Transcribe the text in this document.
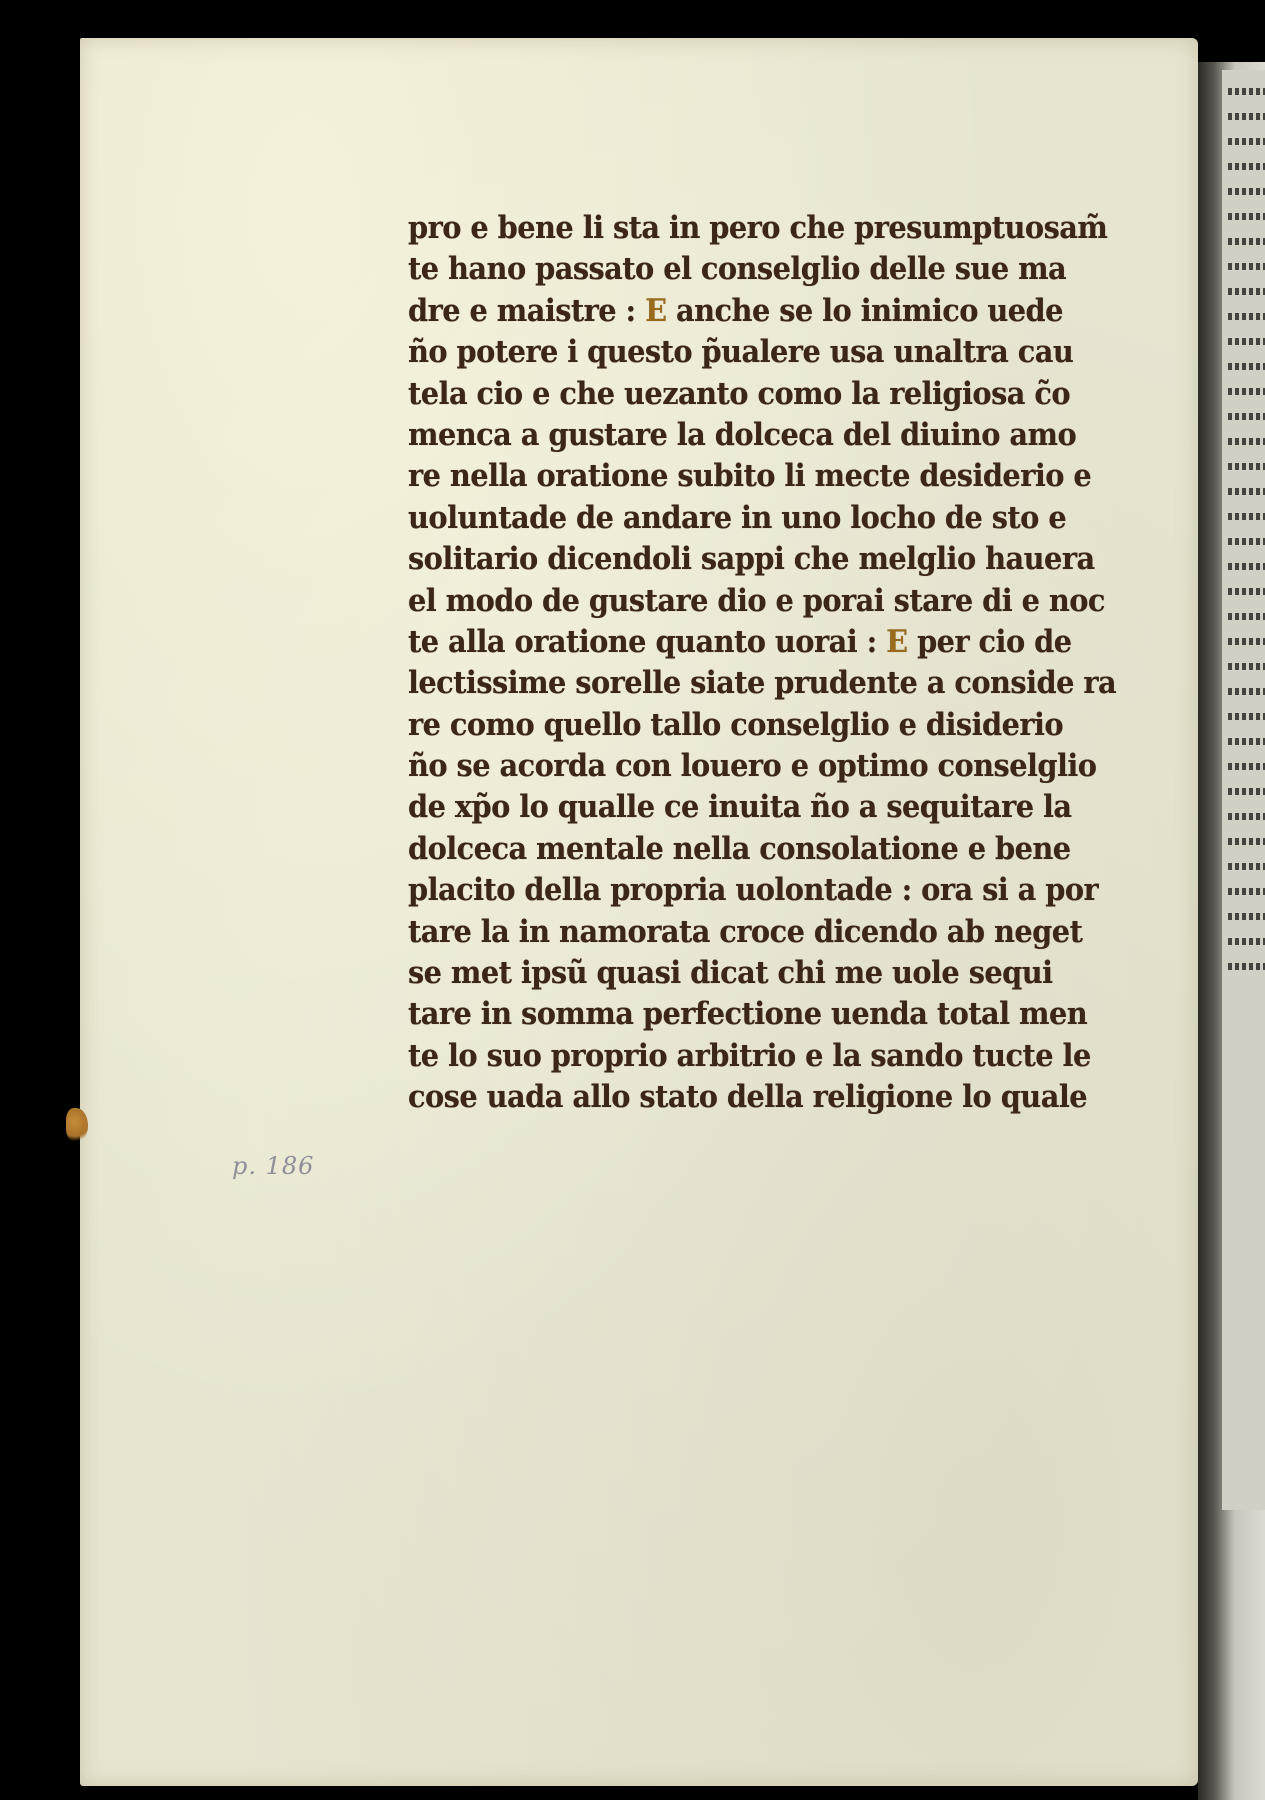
pro e bene li sta in pero che presumptuosam̃
te hano passato el conselglio delle sue ma
dre e maistre : E anche se lo inimico uede
ño potere i questo p̃ualere usa unaltra cau
tela cio e che uezanto como la religiosa c̃o
menca a gustare la dolceca del diuino amo
re nella oratione subito li mecte desiderio e
uoluntade de andare in uno locho de sto e
solitario dicendoli sappi che melglio hauera
el modo de gustare dio e porai stare di e noc
te alla oratione quanto uorai : E per cio de
lectissime sorelle siate prudente a conside ra
re como quello tallo conselglio e disiderio
ño se acorda con louero e optimo conselglio
de xp̃o lo qualle ce inuita ño a sequitare la
dolceca mentale nella consolatione e bene
placito della propria uolontade : ora si a por
tare la in namorata croce dicendo ab neget
se met ipsũ quasi dicat chi me uole sequi
tare in somma perfectione uenda total men
te lo suo proprio arbitrio e la sando tucte le
cose uada allo stato della religione lo quale
p. 186
